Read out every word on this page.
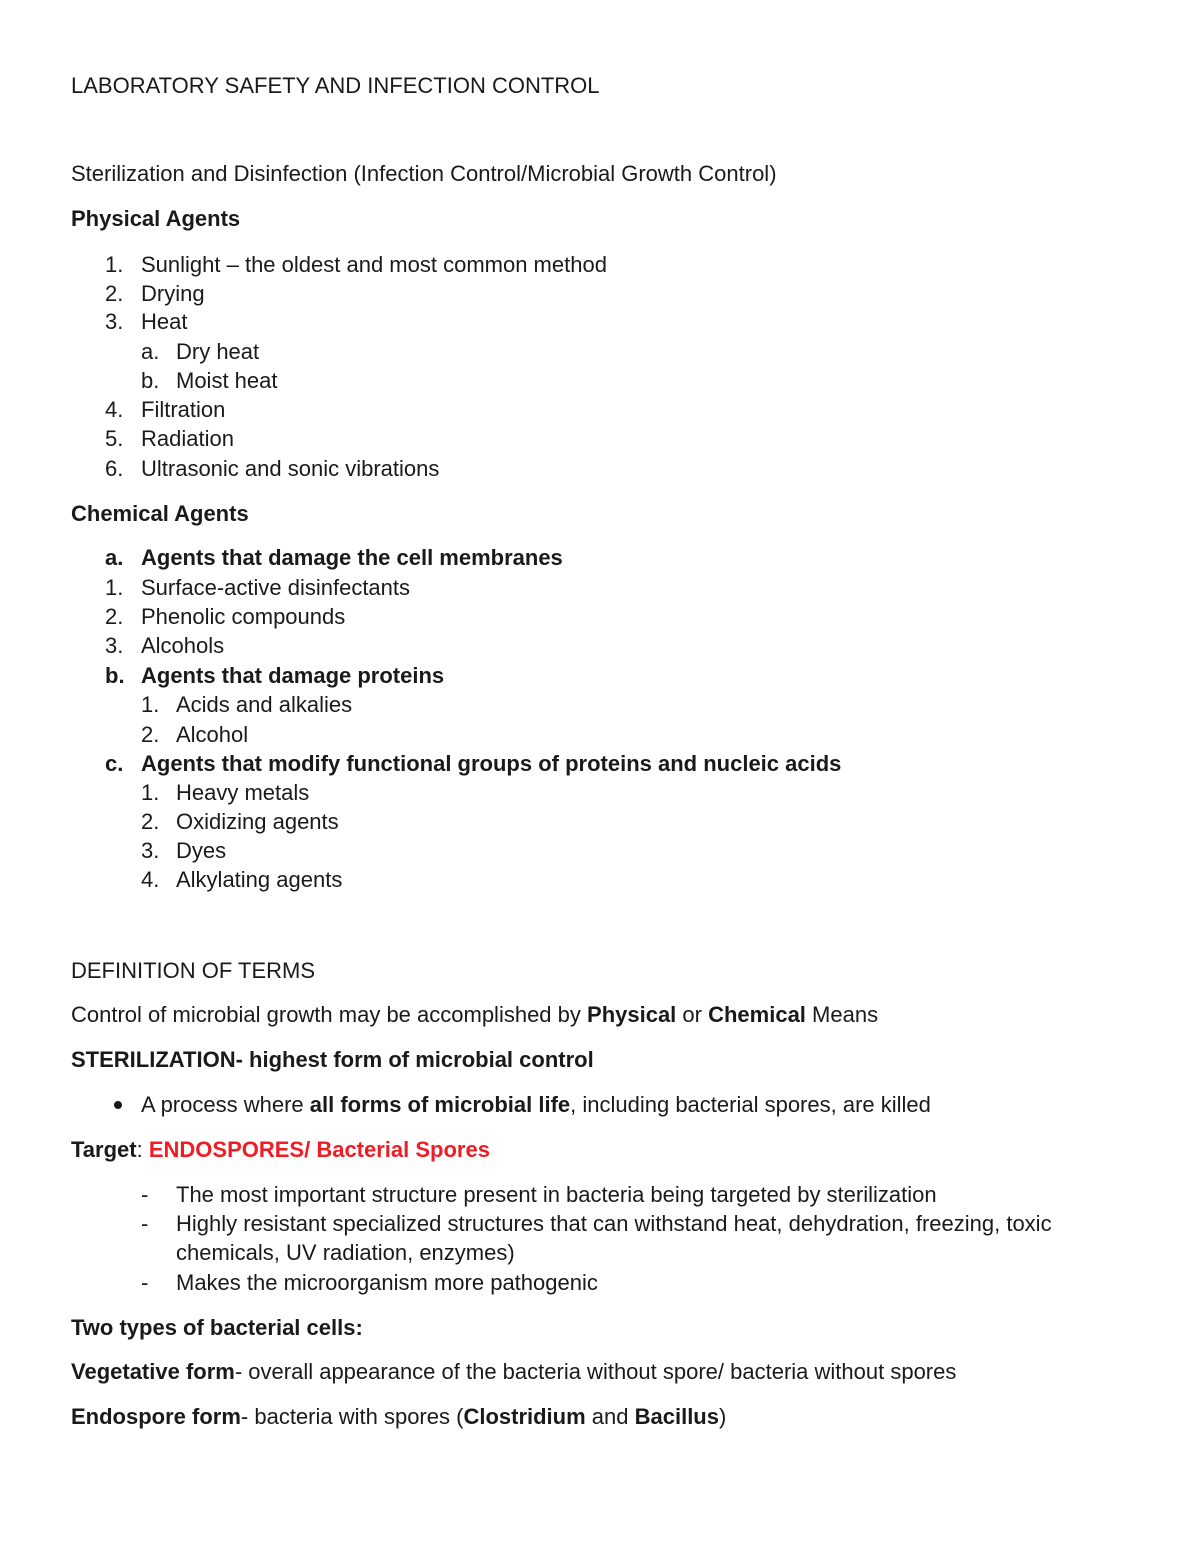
LABORATORY SAFETY AND INFECTION CONTROL
Sterilization and Disinfection (Infection Control/Microbial Growth Control)
Physical Agents
1. Sunlight – the oldest and most common method
2. Drying
3. Heat
a. Dry heat
b. Moist heat
4. Filtration
5. Radiation
6. Ultrasonic and sonic vibrations
Chemical Agents
a. Agents that damage the cell membranes
1. Surface-active disinfectants
2. Phenolic compounds
3. Alcohols
b. Agents that damage proteins
1. Acids and alkalies
2. Alcohol
c. Agents that modify functional groups of proteins and nucleic acids
1. Heavy metals
2. Oxidizing agents
3. Dyes
4. Alkylating agents
DEFINITION OF TERMS
Control of microbial growth may be accomplished by Physical or Chemical Means
STERILIZATION- highest form of microbial control
A process where all forms of microbial life, including bacterial spores, are killed
Target: ENDOSPORES/ Bacterial Spores
- The most important structure present in bacteria being targeted by sterilization
- Highly resistant specialized structures that can withstand heat, dehydration, freezing, toxic
chemicals, UV radiation, enzymes)
- Makes the microorganism more pathogenic
Two types of bacterial cells:
Vegetative form- overall appearance of the bacteria without spore/ bacteria without spores
Endospore form- bacteria with spores (Clostridium and Bacillus)
